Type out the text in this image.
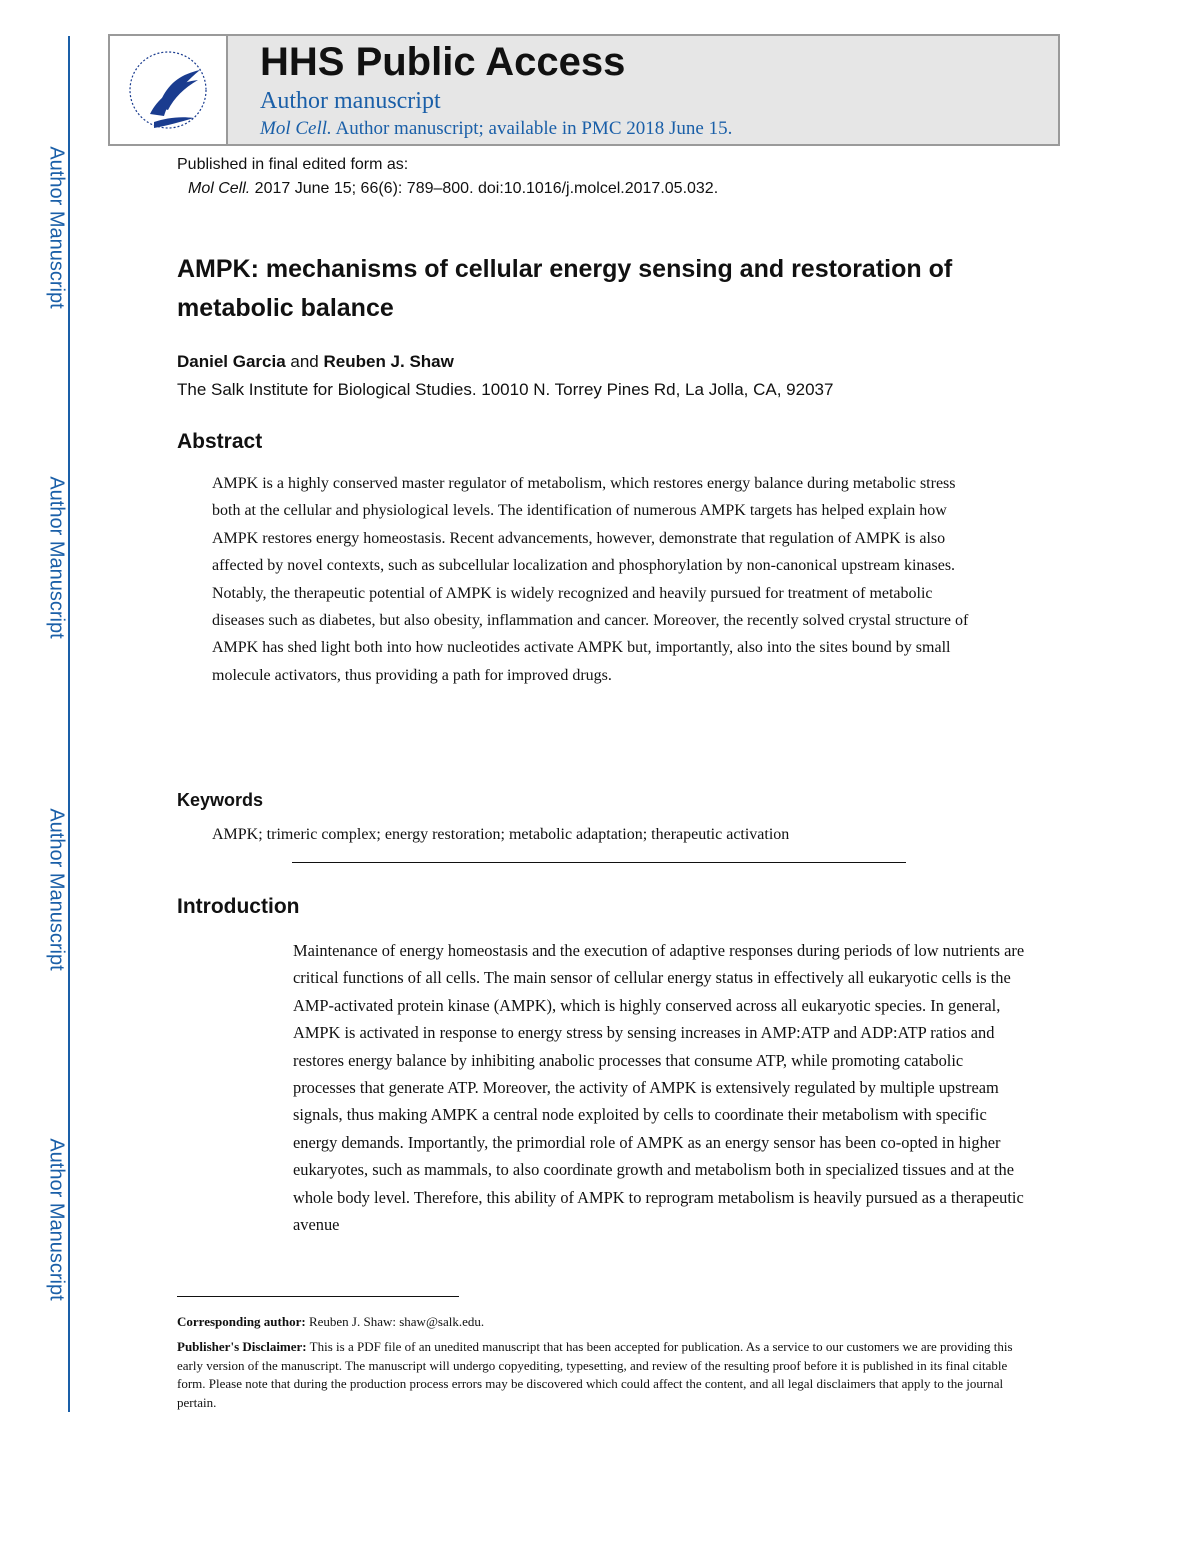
Author Manuscript
Author Manuscript
Author Manuscript
Author Manuscript
HHS Public Access
Author manuscript
Mol Cell. Author manuscript; available in PMC 2018 June 15.
Published in final edited form as:
Mol Cell. 2017 June 15; 66(6): 789–800. doi:10.1016/j.molcel.2017.05.032.
AMPK: mechanisms of cellular energy sensing and restoration of metabolic balance
Daniel Garcia and Reuben J. Shaw
The Salk Institute for Biological Studies. 10010 N. Torrey Pines Rd, La Jolla, CA, 92037
Abstract
AMPK is a highly conserved master regulator of metabolism, which restores energy balance during metabolic stress both at the cellular and physiological levels. The identification of numerous AMPK targets has helped explain how AMPK restores energy homeostasis. Recent advancements, however, demonstrate that regulation of AMPK is also affected by novel contexts, such as subcellular localization and phosphorylation by non-canonical upstream kinases. Notably, the therapeutic potential of AMPK is widely recognized and heavily pursued for treatment of metabolic diseases such as diabetes, but also obesity, inflammation and cancer. Moreover, the recently solved crystal structure of AMPK has shed light both into how nucleotides activate AMPK but, importantly, also into the sites bound by small molecule activators, thus providing a path for improved drugs.
Keywords
AMPK; trimeric complex; energy restoration; metabolic adaptation; therapeutic activation
Introduction
Maintenance of energy homeostasis and the execution of adaptive responses during periods of low nutrients are critical functions of all cells. The main sensor of cellular energy status in effectively all eukaryotic cells is the AMP-activated protein kinase (AMPK), which is highly conserved across all eukaryotic species. In general, AMPK is activated in response to energy stress by sensing increases in AMP:ATP and ADP:ATP ratios and restores energy balance by inhibiting anabolic processes that consume ATP, while promoting catabolic processes that generate ATP. Moreover, the activity of AMPK is extensively regulated by multiple upstream signals, thus making AMPK a central node exploited by cells to coordinate their metabolism with specific energy demands. Importantly, the primordial role of AMPK as an energy sensor has been co-opted in higher eukaryotes, such as mammals, to also coordinate growth and metabolism both in specialized tissues and at the whole body level. Therefore, this ability of AMPK to reprogram metabolism is heavily pursued as a therapeutic avenue
Corresponding author: Reuben J. Shaw: shaw@salk.edu.
Publisher's Disclaimer: This is a PDF file of an unedited manuscript that has been accepted for publication. As a service to our customers we are providing this early version of the manuscript. The manuscript will undergo copyediting, typesetting, and review of the resulting proof before it is published in its final citable form. Please note that during the production process errors may be discovered which could affect the content, and all legal disclaimers that apply to the journal pertain.
